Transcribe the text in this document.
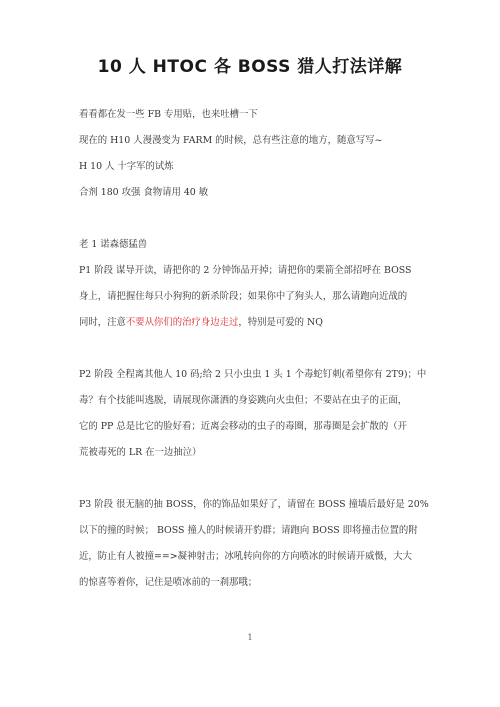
10 人 HTOC 各 BOSS 猎人打法详解
看看都在发一些 FB 专用贴，也来吐槽一下
现在的 H10 人漫漫变为 FARM 的时候，总有些注意的地方，随意写写~
H 10 人 十字军的试炼
合剂 180 攻强 食物请用 40 敏
老 1 诺森德猛兽
P1 阶段 谋导开读，请把你的 2 分钟饰品开掉；请把你的栗箭全部招呼在 BOSS
身上，请把握住每只小狗狗的新杀阶段；如果你中了狗头人，那么请跑向近战的
同时，注意不要从你们的治疗身边走过，特别是可爱的 NQ
P2 阶段 全程离其他人 10 码;给 2 只小虫虫 1 头 1 个毒蛇钉刺(希望你有 2T9)；中
毒？有个技能叫逃脱，请展现你潇洒的身姿跳向火虫但；不要站在虫子的正面，
它的 PP 总是比它的脸好看；近离会移动的虫子的毒圈，那毒圈是会扩散的（开
荒被毒死的 LR 在一边抽泣）
P3 阶段 很无脑的抽 BOSS，你的饰品如果好了，请留在 BOSS 撞墙后最好是 20%
以下的撞的时候； BOSS 撞人的时候请开豹群；请跑向 BOSS 即将撞击位置的附
近，防止有人被撞==>凝神射击；冰吼转向你的方向喷冰的时候请开威慑，大大
的惊喜等着你，记住是喷冰前的一刹那哦；
1
